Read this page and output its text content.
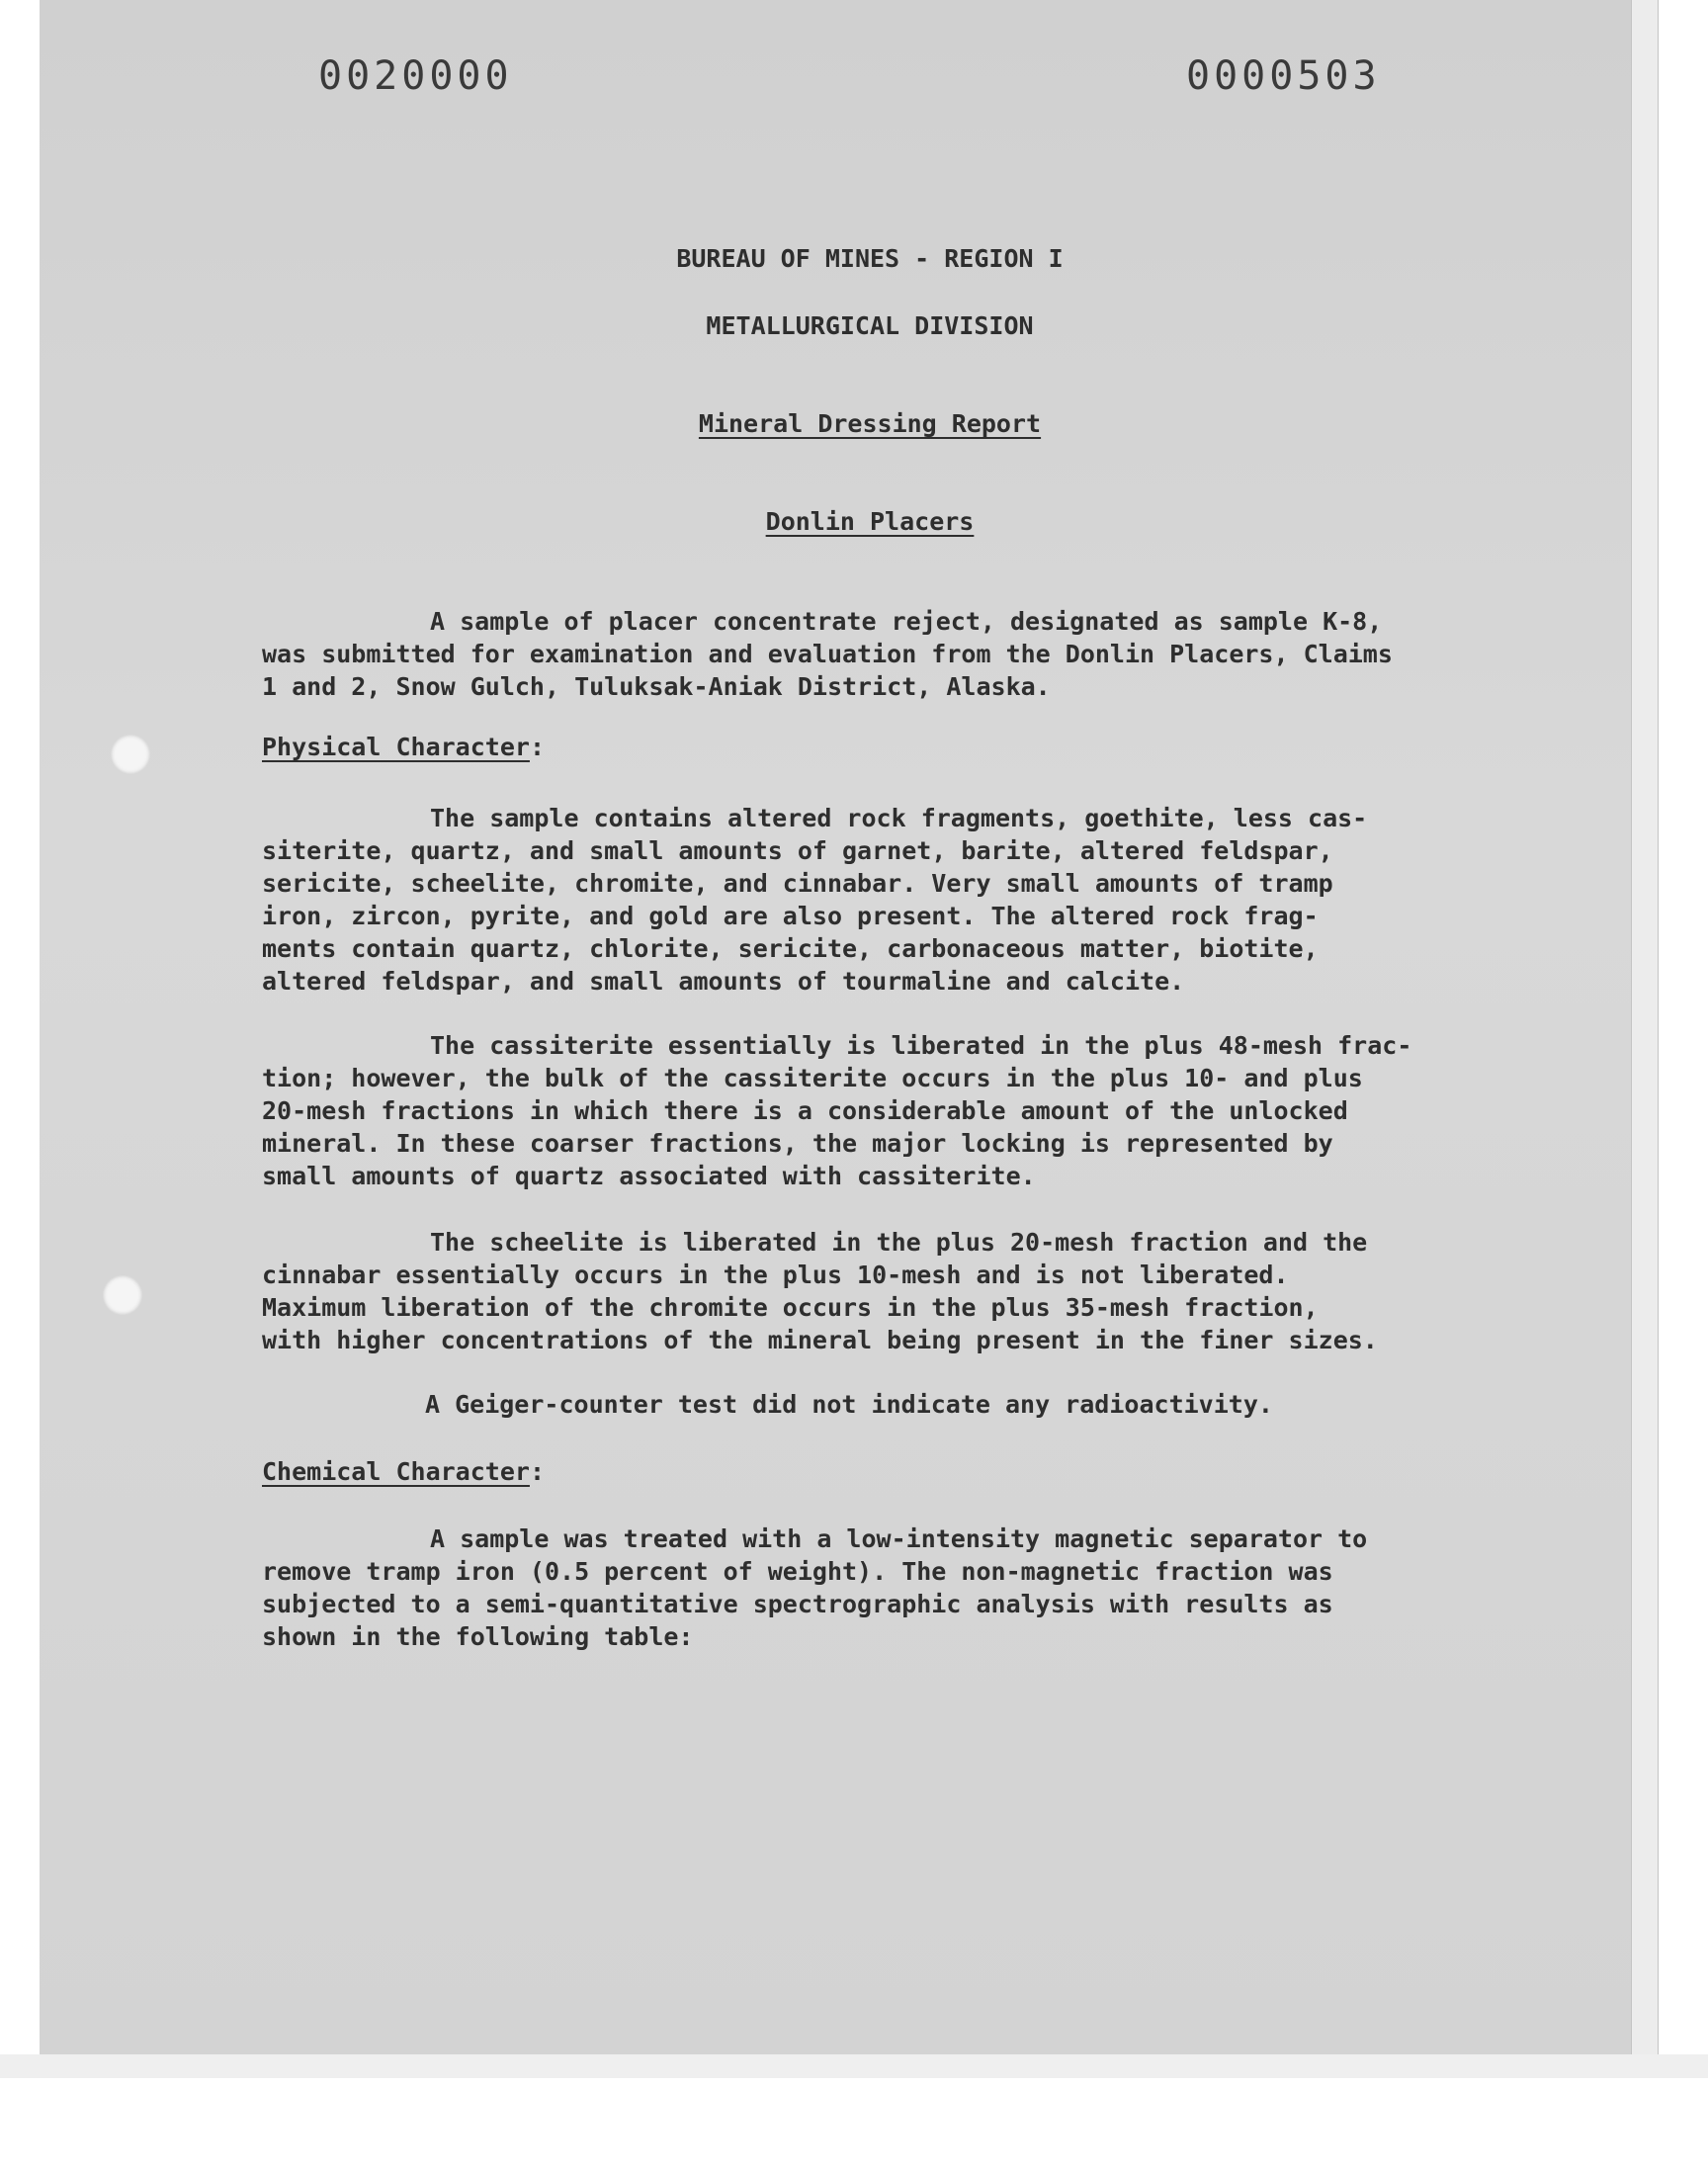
0020000	0000503

BUREAU OF MINES - REGION I

METALLURGICAL DIVISION

Mineral Dressing Report

Donlin Placers

A sample of placer concentrate reject, designated as sample K-8,
was submitted for examination and evaluation from the Donlin Placers, Claims
1 and 2, Snow Gulch, Tuluksak-Aniak District, Alaska.

Physical Character:

The sample contains altered rock fragments, goethite, less cas-
siterite, quartz, and small amounts of garnet, barite, altered feldspar,
sericite, scheelite, chromite, and cinnabar. Very small amounts of tramp
iron, zircon, pyrite, and gold are also present. The altered rock frag-
ments contain quartz, chlorite, sericite, carbonaceous matter, biotite,
altered feldspar, and small amounts of tourmaline and calcite.

The cassiterite essentially is liberated in the plus 48-mesh frac-
tion; however, the bulk of the cassiterite occurs in the plus 10- and plus
20-mesh fractions in which there is a considerable amount of the unlocked
mineral. In these coarser fractions, the major locking is represented by
small amounts of quartz associated with cassiterite.

The scheelite is liberated in the plus 20-mesh fraction and the
cinnabar essentially occurs in the plus 10-mesh and is not liberated.
Maximum liberation of the chromite occurs in the plus 35-mesh fraction,
with higher concentrations of the mineral being present in the finer sizes.

A Geiger-counter test did not indicate any radioactivity.

Chemical Character:

A sample was treated with a low-intensity magnetic separator to
remove tramp iron (0.5 percent of weight). The non-magnetic fraction was
subjected to a semi-quantitative spectrographic analysis with results as
shown in the following table:
